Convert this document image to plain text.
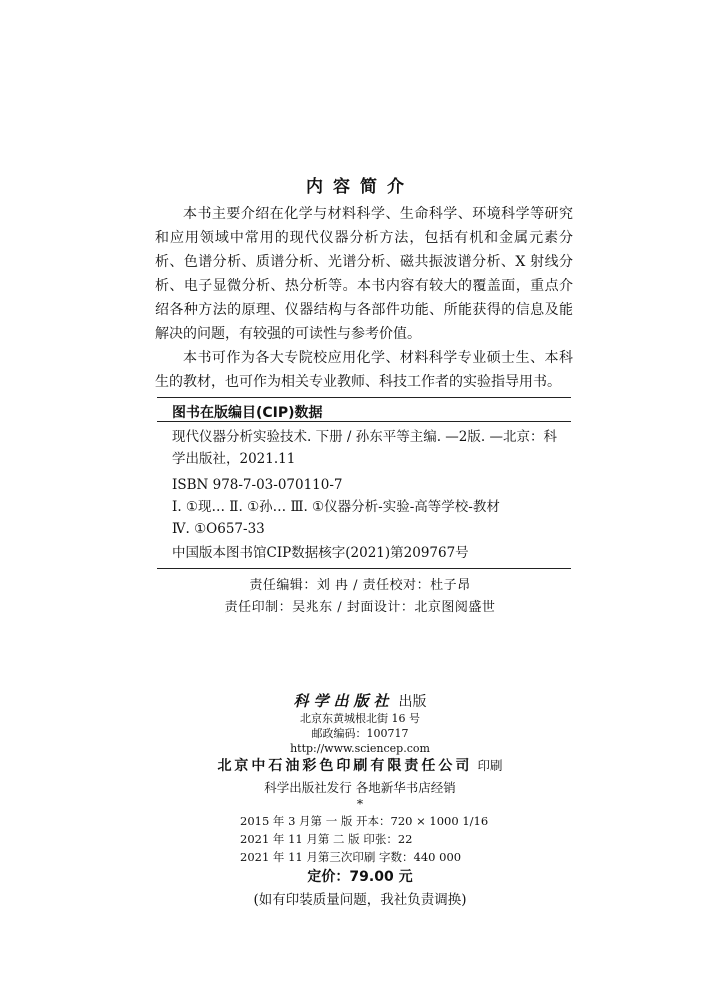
内容简介

本书主要介绍在化学与材料科学、生命科学、环境科学等研究和应用领域中常用的现代仪器分析方法，包括有机和金属元素分析、色谱分析、质谱分析、光谱分析、磁共振波谱分析、X 射线分析、电子显微分析、热分析等。本书内容有较大的覆盖面，重点介绍各种方法的原理、仪器结构与各部件功能、所能获得的信息及能解决的问题，有较强的可读性与参考价值。

本书可作为各大专院校应用化学、材料科学专业硕士生、本科生的教材，也可作为相关专业教师、科技工作者的实验指导用书。

图书在版编目(CIP)数据
现代仪器分析实验技术. 下册 / 孙东平等主编. —2版. —北京：科学出版社，2021.11
ISBN 978-7-03-070110-7
Ⅰ. ①现… Ⅱ. ①孙… Ⅲ. ①仪器分析-实验-高等学校-教材
Ⅳ. ①O657-33
中国版本图书馆CIP数据核字(2021)第209767号
责任编辑：刘 冉 / 责任校对：杜子昂
责任印制：吴兆东 / 封面设计：北京图阅盛世
科学出版社 出版
北京东黄城根北街 16 号
邮政编码：100717
http://www.sciencep.com
北京中石油彩色印刷有限责任公司 印刷
科学出版社发行 各地新华书店经销
*
2015 年 3 月第 一 版 开本：720 × 1000 1/16
2021 年 11 月第 二 版 印张：22
2021 年 11 月第三次印刷 字数：440 000
定价：79.00 元
(如有印装质量问题，我社负责调换)
